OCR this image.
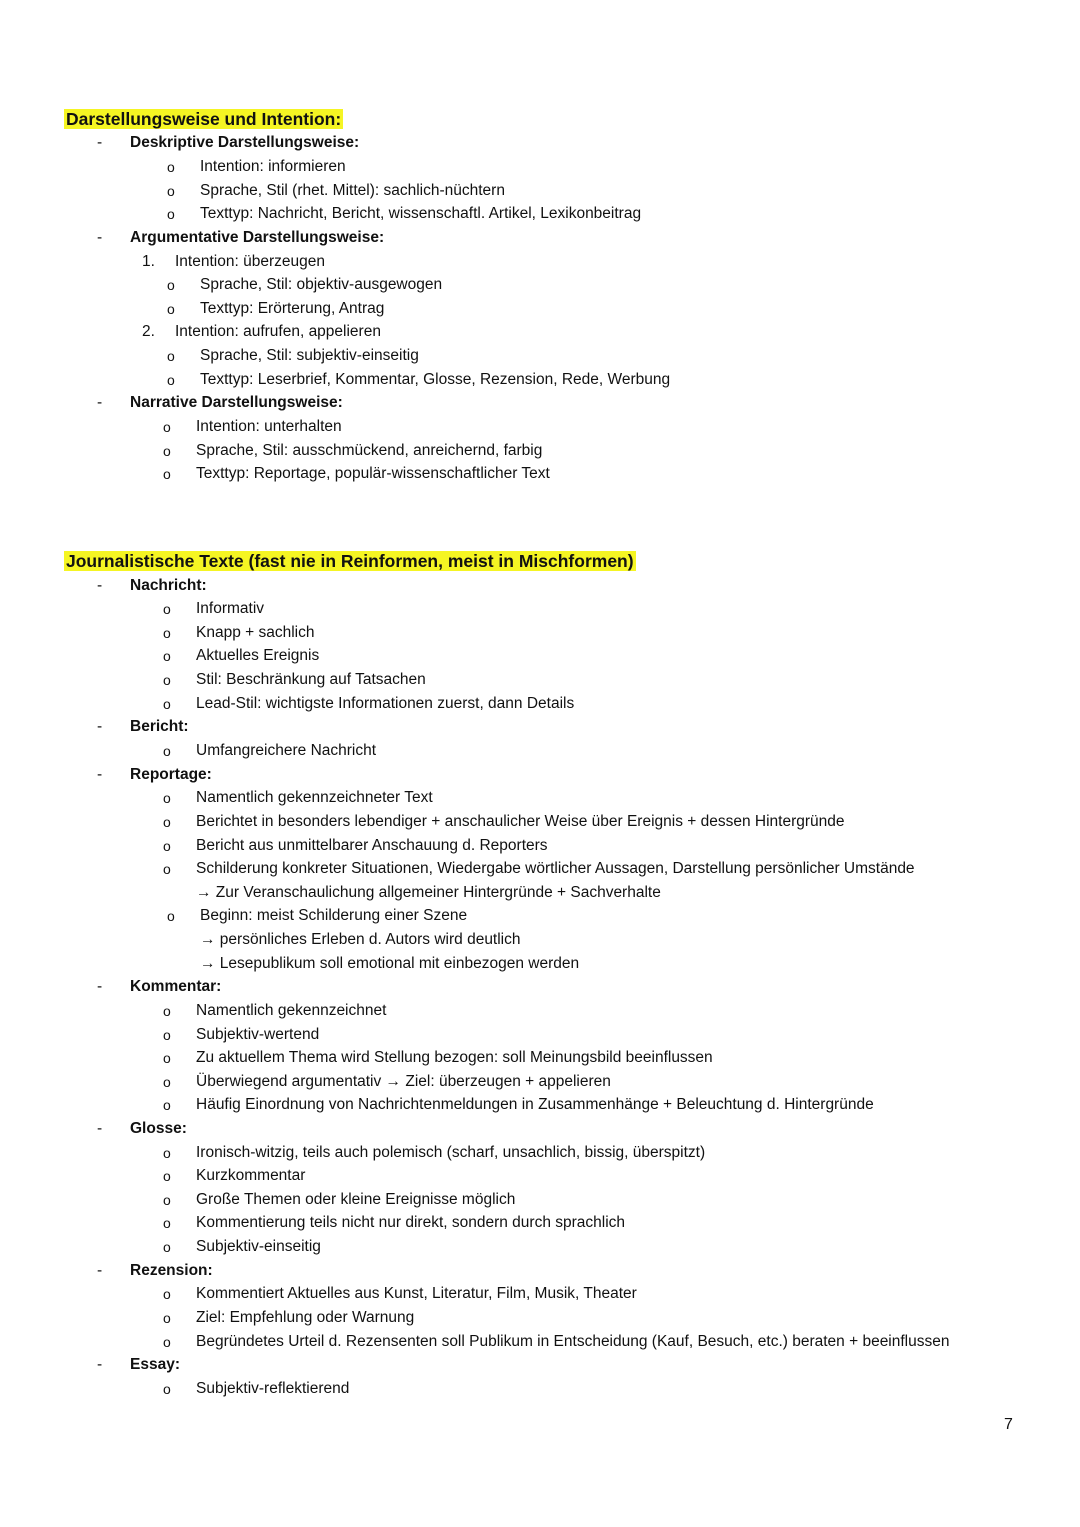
Darstellungsweise und Intention:
- Deskriptive Darstellungsweise:
o Intention: informieren
o Sprache, Stil (rhet. Mittel): sachlich-nüchtern
o Texttyp: Nachricht, Bericht, wissenschaftl. Artikel, Lexikonbeitrag
- Argumentative Darstellungsweise:
1. Intention: überzeugen
o Sprache, Stil: objektiv-ausgewogen
o Texttyp: Erörterung, Antrag
2. Intention: aufrufen, appelieren
o Sprache, Stil: subjektiv-einseitig
o Texttyp: Leserbrief, Kommentar, Glosse, Rezension, Rede, Werbung
- Narrative Darstellungsweise:
o Intention: unterhalten
o Sprache, Stil: ausschmückend, anreichernd, farbig
o Texttyp: Reportage, populär-wissenschaftlicher Text
Journalistische Texte (fast nie in Reinformen, meist in Mischformen)
- Nachricht:
o Informativ
o Knapp + sachlich
o Aktuelles Ereignis
o Stil: Beschränkung auf Tatsachen
o Lead-Stil: wichtigste Informationen zuerst, dann Details
- Bericht:
o Umfangreichere Nachricht
- Reportage:
o Namentlich gekennzeichneter Text
o Berichtet in besonders lebendiger + anschaulicher Weise über Ereignis + dessen Hintergründe
o Bericht aus unmittelbarer Anschauung d. Reporters
o Schilderung konkreter Situationen, Wiedergabe wörtlicher Aussagen, Darstellung persönlicher Umstände
→ Zur Veranschaulichung allgemeiner Hintergründe + Sachverhalte
o Beginn: meist Schilderung einer Szene
→ persönliches Erleben d. Autors wird deutlich
→ Lesepublikum soll emotional mit einbezogen werden
- Kommentar:
o Namentlich gekennzeichnet
o Subjektiv-wertend
o Zu aktuellem Thema wird Stellung bezogen: soll Meinungsbild beeinflussen
o Überwiegend argumentativ → Ziel: überzeugen + appelieren
o Häufig Einordnung von Nachrichtenmeldungen in Zusammenhänge + Beleuchtung d. Hintergründe
- Glosse:
o Ironisch-witzig, teils auch polemisch (scharf, unsachlich, bissig, überspitzt)
o Kurzkommentar
o Große Themen oder kleine Ereignisse möglich
o Kommentierung teils nicht nur direkt, sondern durch sprachlich
o Subjektiv-einseitig
- Rezension:
o Kommentiert Aktuelles aus Kunst, Literatur, Film, Musik, Theater
o Ziel: Empfehlung oder Warnung
o Begründetes Urteil d. Rezensenten soll Publikum in Entscheidung (Kauf, Besuch, etc.) beraten + beeinflussen
- Essay:
o Subjektiv-reflektierend
7
